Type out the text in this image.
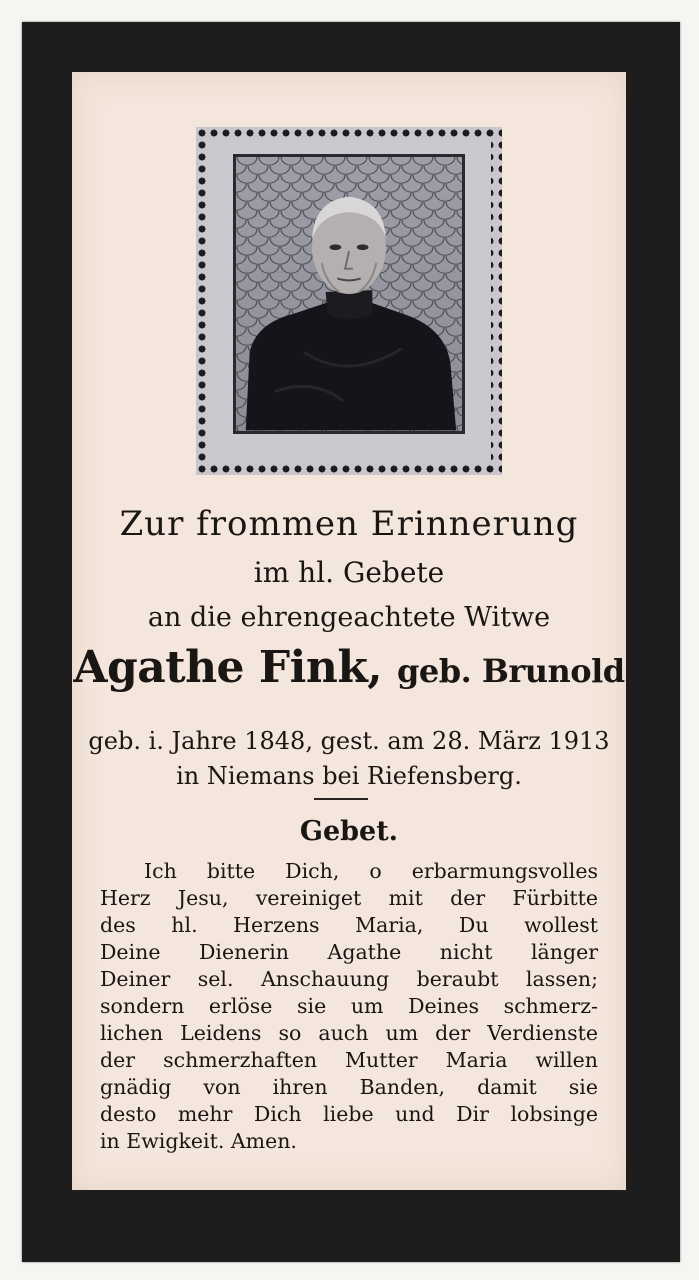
Zur frommen Erinnerung
im hl. Gebete
an die ehrengeachtete Witwe
Agathe Fink, geb. Brunold
geb. i. Jahre 1848, gest. am 28. März 1913
in Niemans bei Riefensberg.
Gebet.
Ich bitte Dich, o erbarmungsvolles
Herz Jesu, vereiniget mit der Fürbitte
des hl. Herzens Maria, Du wollest
Deine Dienerin Agathe nicht länger
Deiner sel. Anschauung beraubt lassen;
sondern erlöse sie um Deines schmerz-
lichen Leidens so auch um der Verdienste
der schmerzhaften Mutter Maria willen
gnädig von ihren Banden, damit sie
desto mehr Dich liebe und Dir lobsinge
in Ewigkeit. Amen.
